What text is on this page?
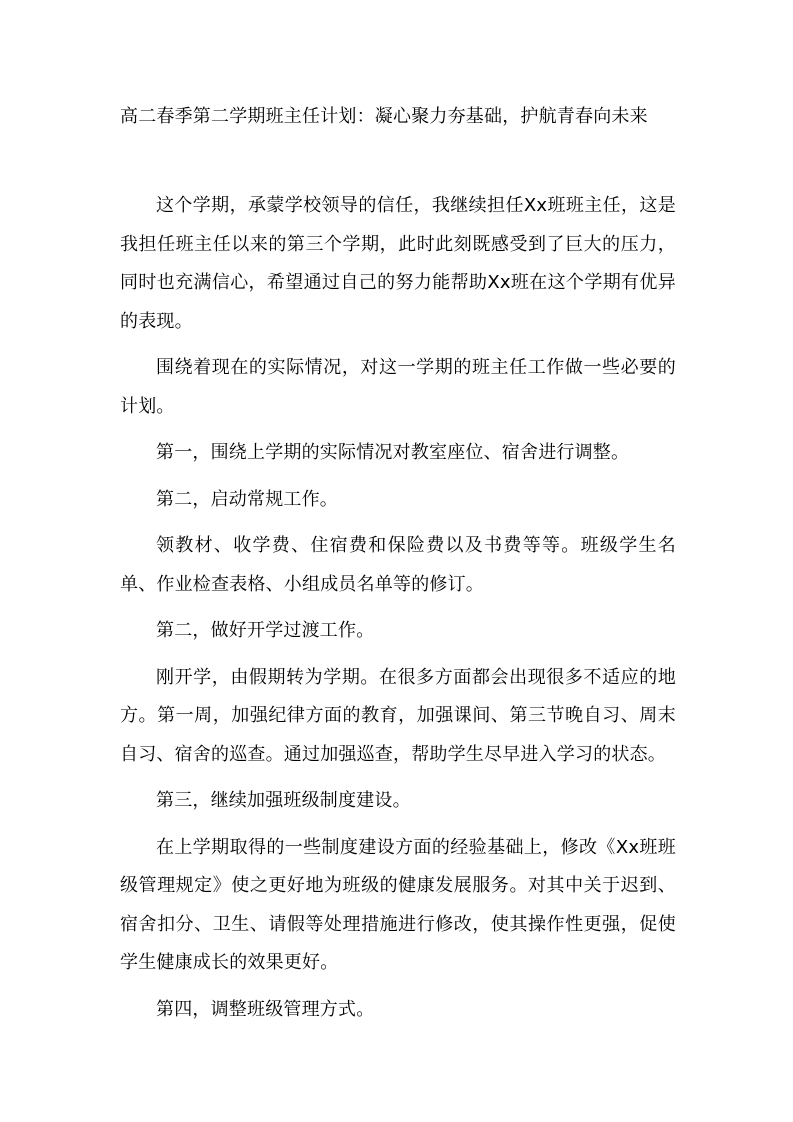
高二春季第二学期班主任计划：凝心聚力夯基础，护航青春向未来

这个学期，承蒙学校领导的信任，我继续担任Xx班班主任，这是我担任班主任以来的第三个学期，此时此刻既感受到了巨大的压力，同时也充满信心，希望通过自己的努力能帮助Xx班在这个学期有优异的表现。

围绕着现在的实际情况，对这一学期的班主任工作做一些必要的计划。

第一，围绕上学期的实际情况对教室座位、宿舍进行调整。

第二，启动常规工作。

领教材、收学费、住宿费和保险费以及书费等等。班级学生名单、作业检查表格、小组成员名单等的修订。

第二，做好开学过渡工作。

刚开学，由假期转为学期。在很多方面都会出现很多不适应的地方。第一周，加强纪律方面的教育，加强课间、第三节晚自习、周末自习、宿舍的巡查。通过加强巡查，帮助学生尽早进入学习的状态。

第三，继续加强班级制度建设。

在上学期取得的一些制度建设方面的经验基础上，修改《Xx班班级管理规定》使之更好地为班级的健康发展服务。对其中关于迟到、宿舍扣分、卫生、请假等处理措施进行修改，使其操作性更强，促使学生健康成长的效果更好。

第四，调整班级管理方式。
